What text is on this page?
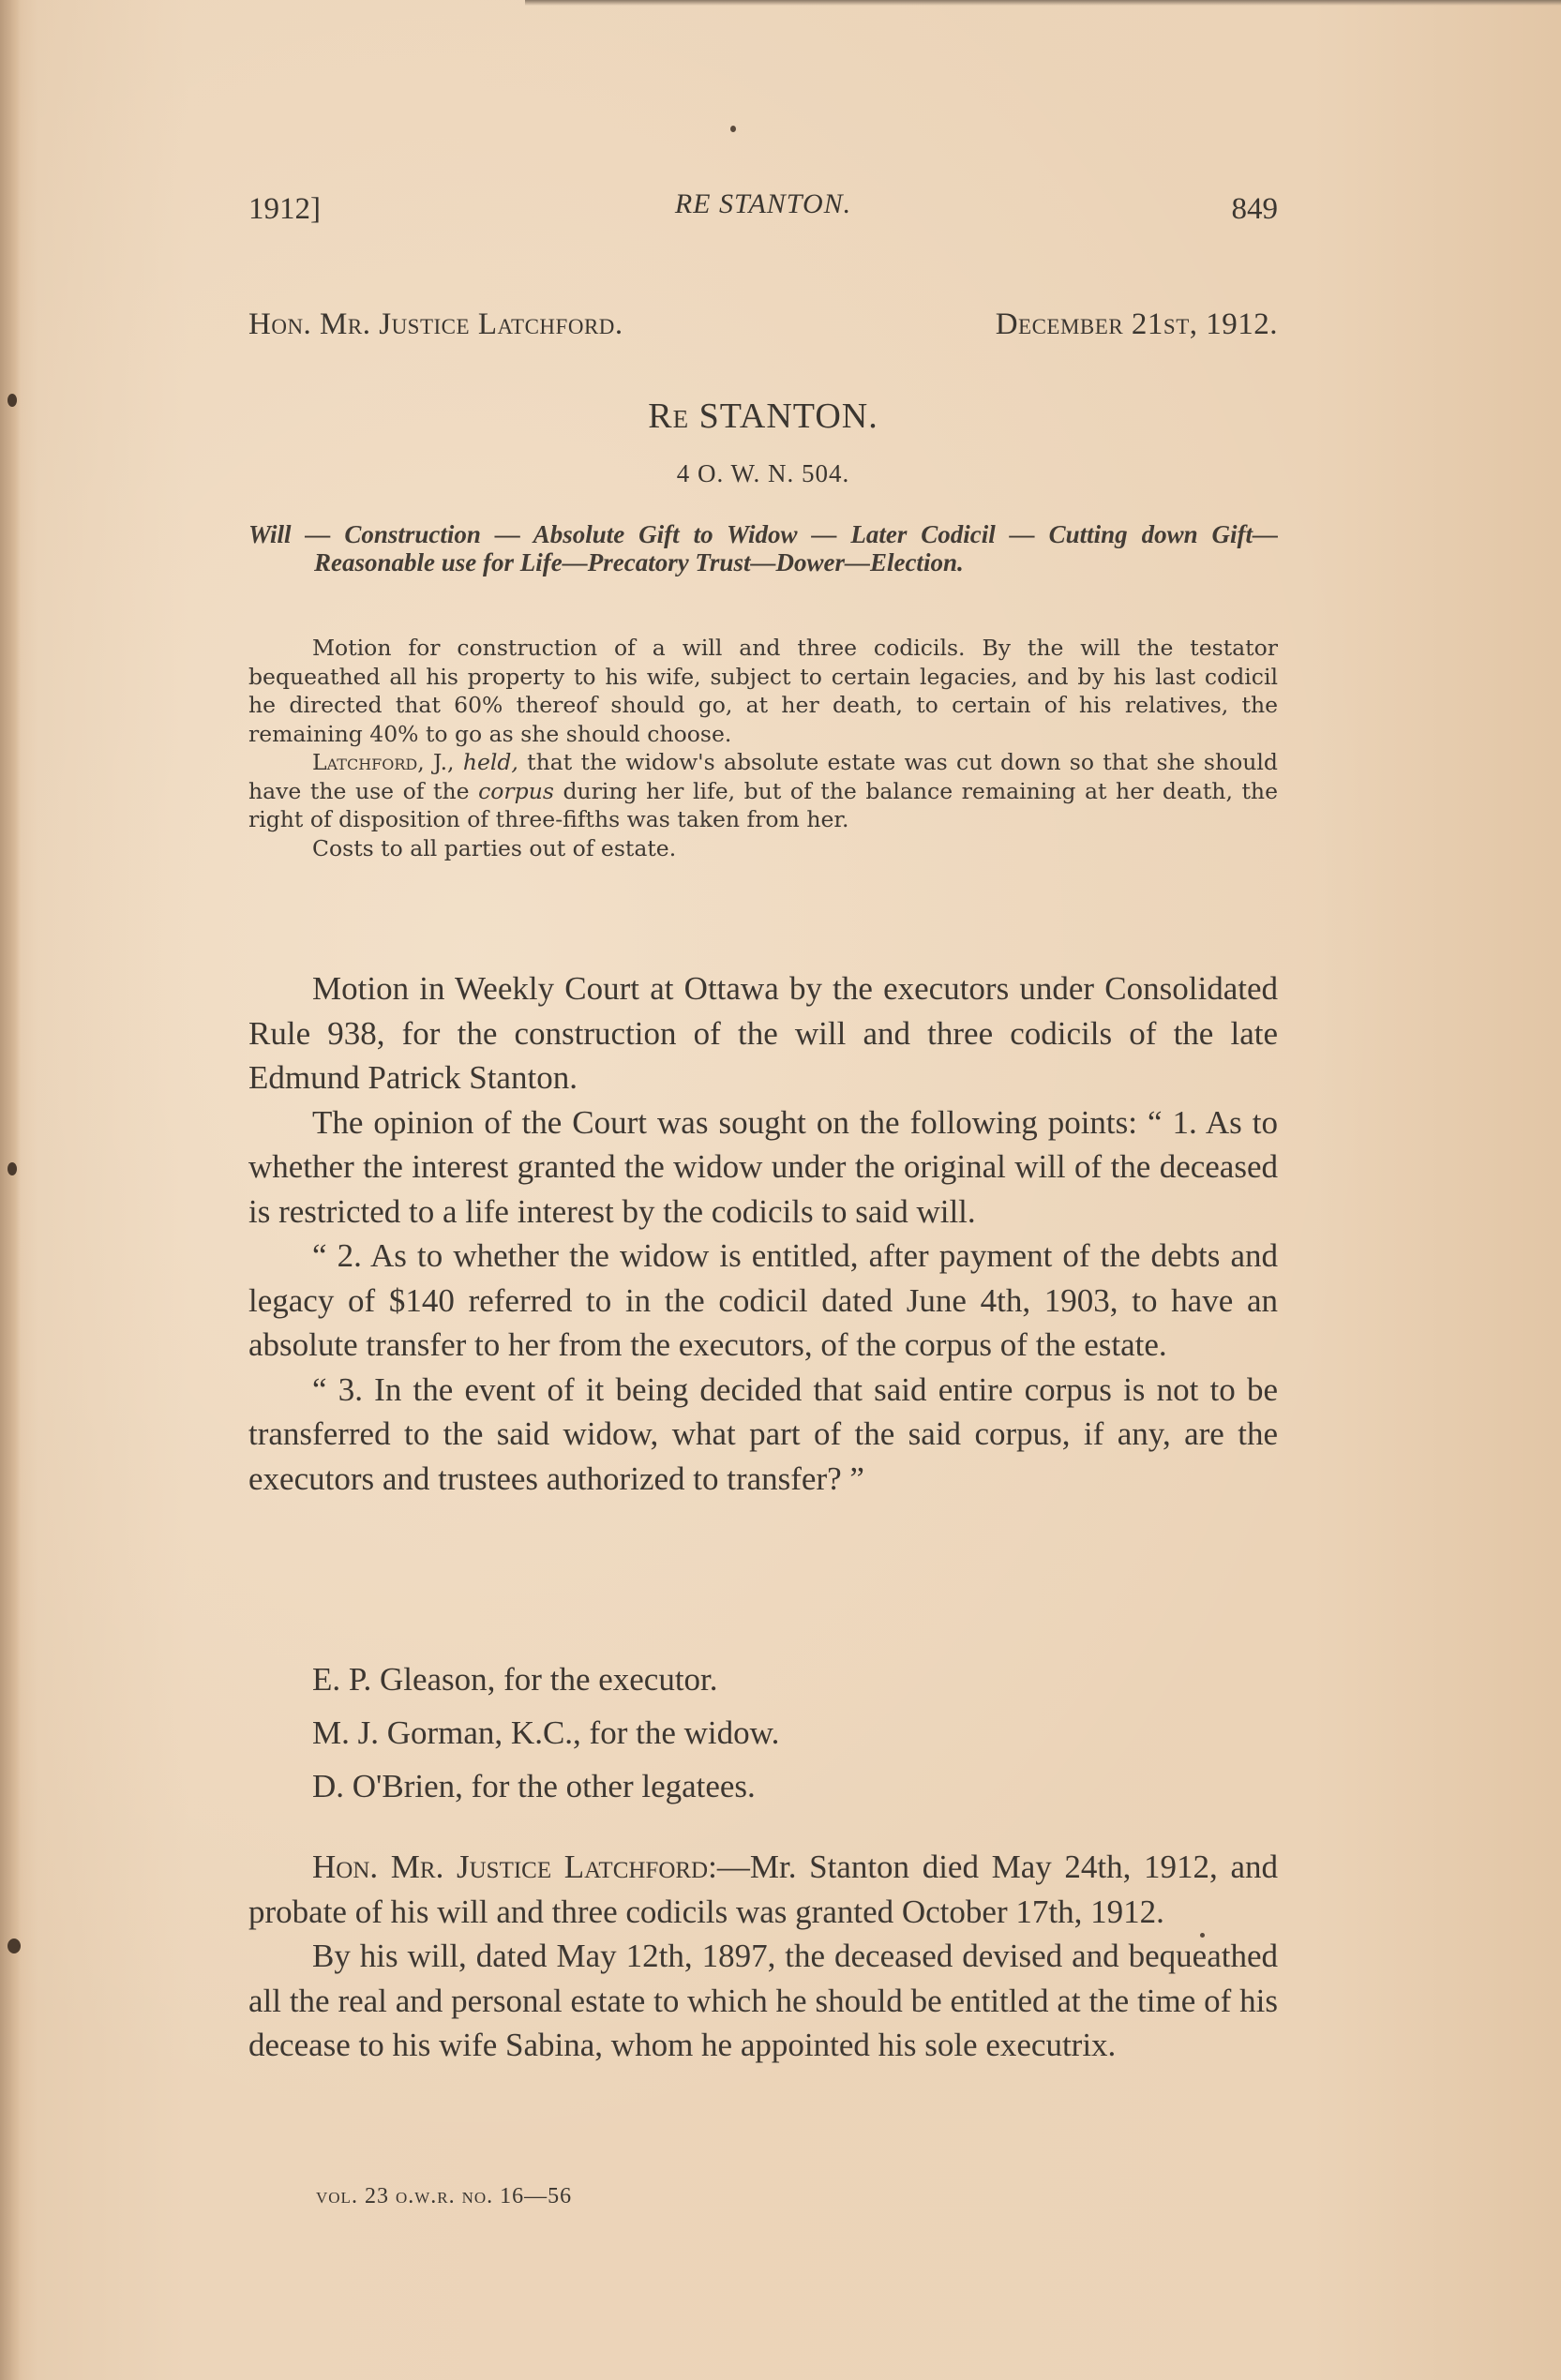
1912]	RE STANTON.	849
Hon. Mr. Justice Latchford.	December 21st, 1912.
Re STANTON.
4 O. W. N. 504.

Will — Construction — Absolute Gift to Widow — Later Codicil — Cutting down Gift—Reasonable use for Life—Precatory Trust—Dower—Election.

Motion for construction of a will and three codicils. By the will the testator bequeathed all his property to his wife, subject to certain legacies, and by his last codicil he directed that 60% thereof should go, at her death, to certain of his relatives, the remaining 40% to go as she should choose.

Latchford, J., held, that the widow's absolute estate was cut down so that she should have the use of the corpus during her life, but of the balance remaining at her death, the right of disposition of three-fifths was taken from her.

Costs to all parties out of estate.

Motion in Weekly Court at Ottawa by the executors under Consolidated Rule 938, for the construction of the will and three codicils of the late Edmund Patrick Stanton.

The opinion of the Court was sought on the following points: “ 1. As to whether the interest granted the widow under the original will of the deceased is restricted to a life interest by the codicils to said will.

“ 2. As to whether the widow is entitled, after payment of the debts and legacy of $140 referred to in the codicil dated June 4th, 1903, to have an absolute transfer to her from the executors, of the corpus of the estate.

“ 3. In the event of it being decided that said entire corpus is not to be transferred to the said widow, what part of the said corpus, if any, are the executors and trustees authorized to transfer? ”

E. P. Gleason, for the executor.

M. J. Gorman, K.C., for the widow.

D. O'Brien, for the other legatees.

Hon. Mr. Justice Latchford:—Mr. Stanton died May 24th, 1912, and probate of his will and three codicils was granted October 17th, 1912.

By his will, dated May 12th, 1897, the deceased devised and bequeathed all the real and personal estate to which he should be entitled at the time of his decease to his wife Sabina, whom he appointed his sole executrix.

vol. 23 o.w.r. no. 16—56
